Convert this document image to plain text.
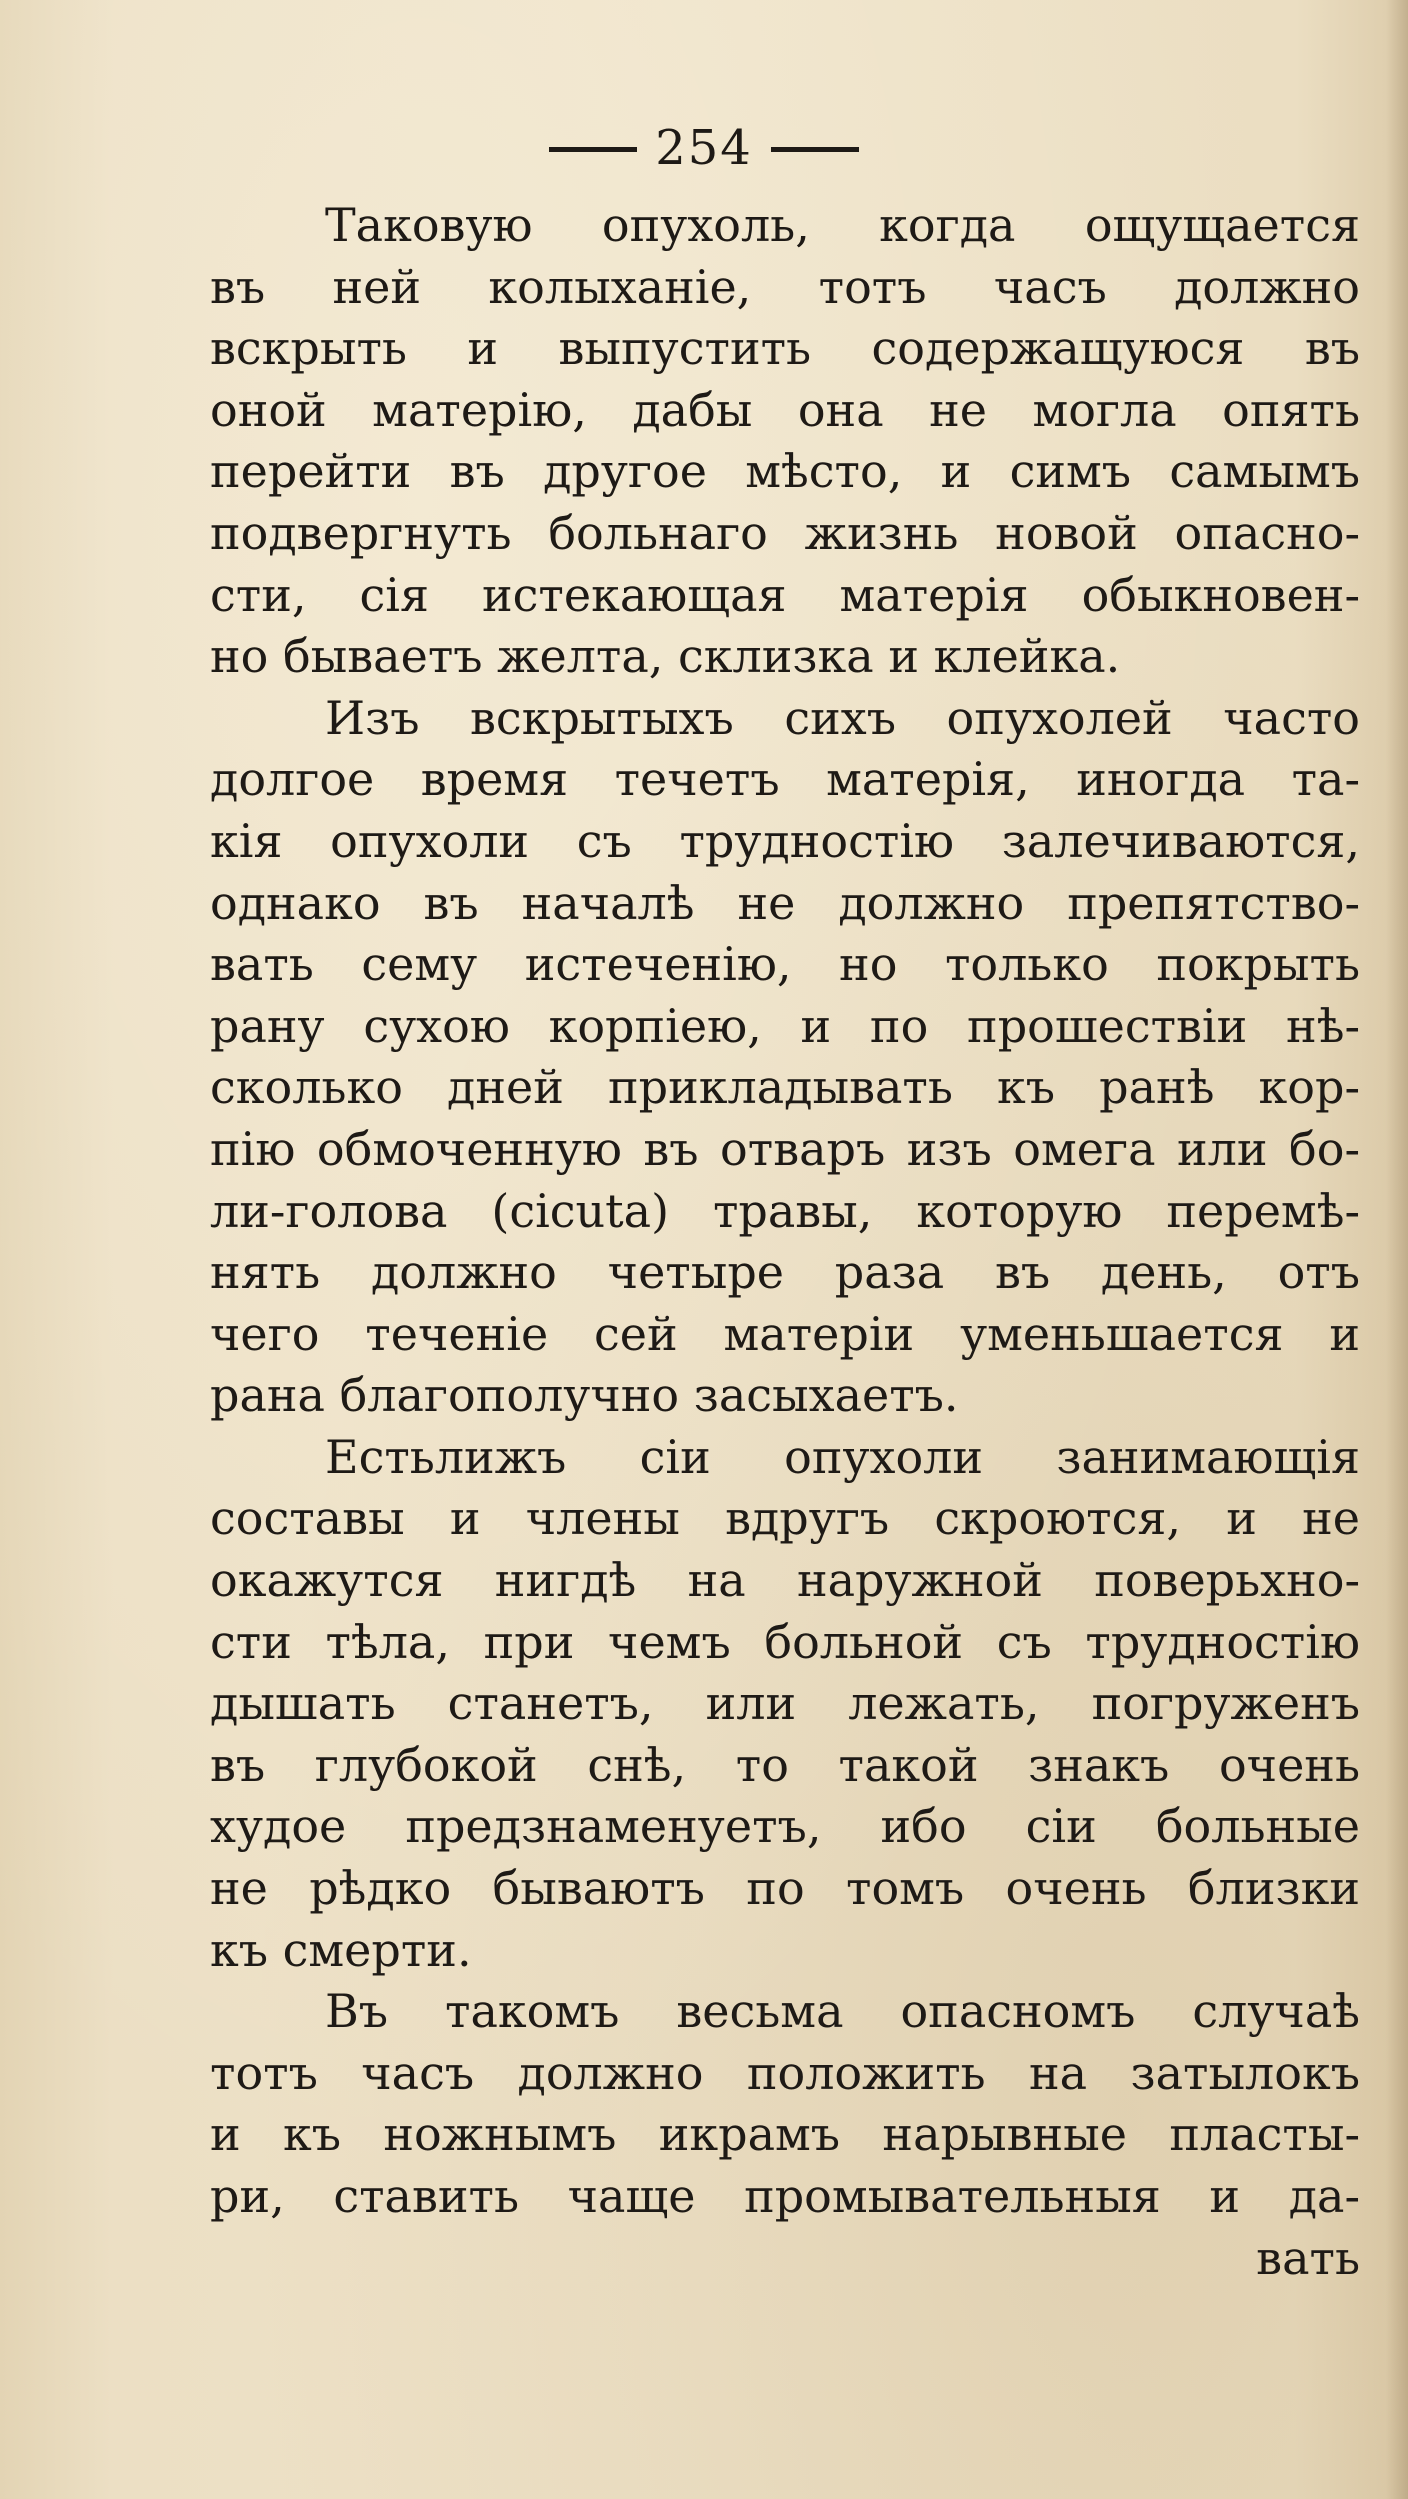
254
Таковую опухоль, когда ощущается
въ ней колыханіе, тотъ часъ должно
вскрыть и выпустить содержащуюся въ
оной матерію, дабы она не могла опять
перейти въ другое мѣсто, и симъ самымъ
подвергнуть больнаго жизнь новой опасно-
сти, сія истекающая матерія обыкновен-
но бываетъ желта, склизка и клейка.
Изъ вскрытыхъ сихъ опухолей часто
долгое время течетъ матерія, иногда та-
кія опухоли съ трудностію залечиваются,
однако въ началѣ не должно препятство-
вать сему истеченію, но только покрыть
рану сухою корпіею, и по прошествіи нѣ-
сколько дней прикладывать къ ранѣ кор-
пію обмоченную въ отваръ изъ омега или бо-
ли-голова (cicuta) травы, которую перемѣ-
нять должно четыре раза въ день, отъ
чего теченіе сей матеріи уменьшается и
рана благополучно засыхаетъ.
Естьлижъ сіи опухоли занимающія
составы и члены вдругъ скроются, и не
окажутся нигдѣ на наружной поверьхно-
сти тѣла, при чемъ больной съ трудностію
дышать станетъ, или лежать, погруженъ
въ глубокой снѣ, то такой знакъ очень
худое предзнаменуетъ, ибо сіи больные
не рѣдко бываютъ по томъ очень близки
къ смерти.
Въ такомъ весьма опасномъ случаѣ
тотъ часъ должно положить на затылокъ
и къ ножнымъ икрамъ нарывные пласты-
ри, ставить чаще промывательныя и да-
вать
